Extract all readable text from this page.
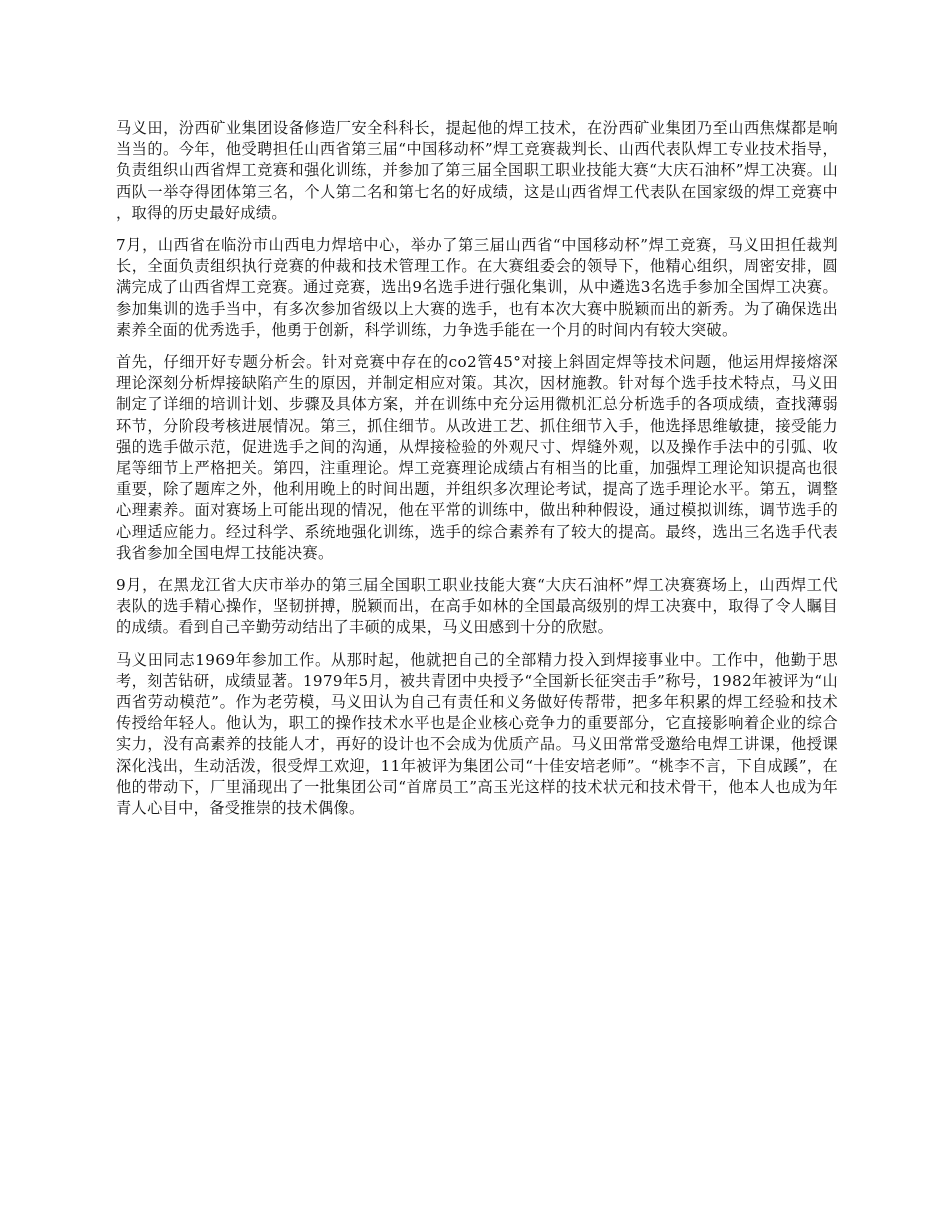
马义田，汾西矿业集团设备修造厂安全科科长，提起他的焊工技术，在汾西矿业集团乃至山西焦煤都是响当当的。今年，他受聘担任山西省第三届“中国移动杯”焊工竞赛裁判长、山西代表队焊工专业技术指导，负责组织山西省焊工竞赛和强化训练，并参加了第三届全国职工职业技能大赛“大庆石油杯”焊工决赛。山西队一举夺得团体第三名，个人第二名和第七名的好成绩，这是山西省焊工代表队在国家级的焊工竞赛中，取得的历史最好成绩。

7月，山西省在临汾市山西电力焊培中心，举办了第三届山西省“中国移动杯”焊工竞赛，马义田担任裁判长，全面负责组织执行竞赛的仲裁和技术管理工作。在大赛组委会的领导下，他精心组织，周密安排，圆满完成了山西省焊工竞赛。通过竞赛，选出9名选手进行强化集训，从中遴选3名选手参加全国焊工决赛。参加集训的选手当中，有多次参加省级以上大赛的选手，也有本次大赛中脱颖而出的新秀。为了确保选出素养全面的优秀选手，他勇于创新，科学训练，力争选手能在一个月的时间内有较大突破。

首先，仔细开好专题分析会。针对竞赛中存在的co2管45°对接上斜固定焊等技术问题，他运用焊接熔深理论深刻分析焊接缺陷产生的原因，并制定相应对策。其次，因材施教。针对每个选手技术特点，马义田制定了详细的培训计划、步骤及具体方案，并在训练中充分运用微机汇总分析选手的各项成绩，查找薄弱环节，分阶段考核进展情况。第三，抓住细节。从改进工艺、抓住细节入手，他选择思维敏捷，接受能力强的选手做示范，促进选手之间的沟通，从焊接检验的外观尺寸、焊缝外观，以及操作手法中的引弧、收尾等细节上严格把关。第四，注重理论。焊工竞赛理论成绩占有相当的比重，加强焊工理论知识提高也很重要，除了题库之外，他利用晚上的时间出题，并组织多次理论考试，提高了选手理论水平。第五，调整心理素养。面对赛场上可能出现的情况，他在平常的训练中，做出种种假设，通过模拟训练，调节选手的心理适应能力。经过科学、系统地强化训练，选手的综合素养有了较大的提高。最终，选出三名选手代表我省参加全国电焊工技能决赛。

9月，在黑龙江省大庆市举办的第三届全国职工职业技能大赛“大庆石油杯”焊工决赛赛场上，山西焊工代表队的选手精心操作，坚韧拼搏，脱颖而出，在高手如林的全国最高级别的焊工决赛中，取得了令人瞩目的成绩。看到自己辛勤劳动结出了丰硕的成果，马义田感到十分的欣慰。

马义田同志1969年参加工作。从那时起，他就把自己的全部精力投入到焊接事业中。工作中，他勤于思考，刻苦钻研，成绩显著。1979年5月，被共青团中央授予“全国新长征突击手”称号，1982年被评为“山西省劳动模范”。作为老劳模，马义田认为自己有责任和义务做好传帮带，把多年积累的焊工经验和技术传授给年轻人。他认为，职工的操作技术水平也是企业核心竞争力的重要部分，它直接影响着企业的综合实力，没有高素养的技能人才，再好的设计也不会成为优质产品。马义田常常受邀给电焊工讲课，他授课深化浅出，生动活泼，很受焊工欢迎，11年被评为集团公司“十佳安培老师”。“桃李不言，下自成蹊”，在他的带动下，厂里涌现出了一批集团公司“首席员工”高玉光这样的技术状元和技术骨干，他本人也成为年青人心目中，备受推崇的技术偶像。
